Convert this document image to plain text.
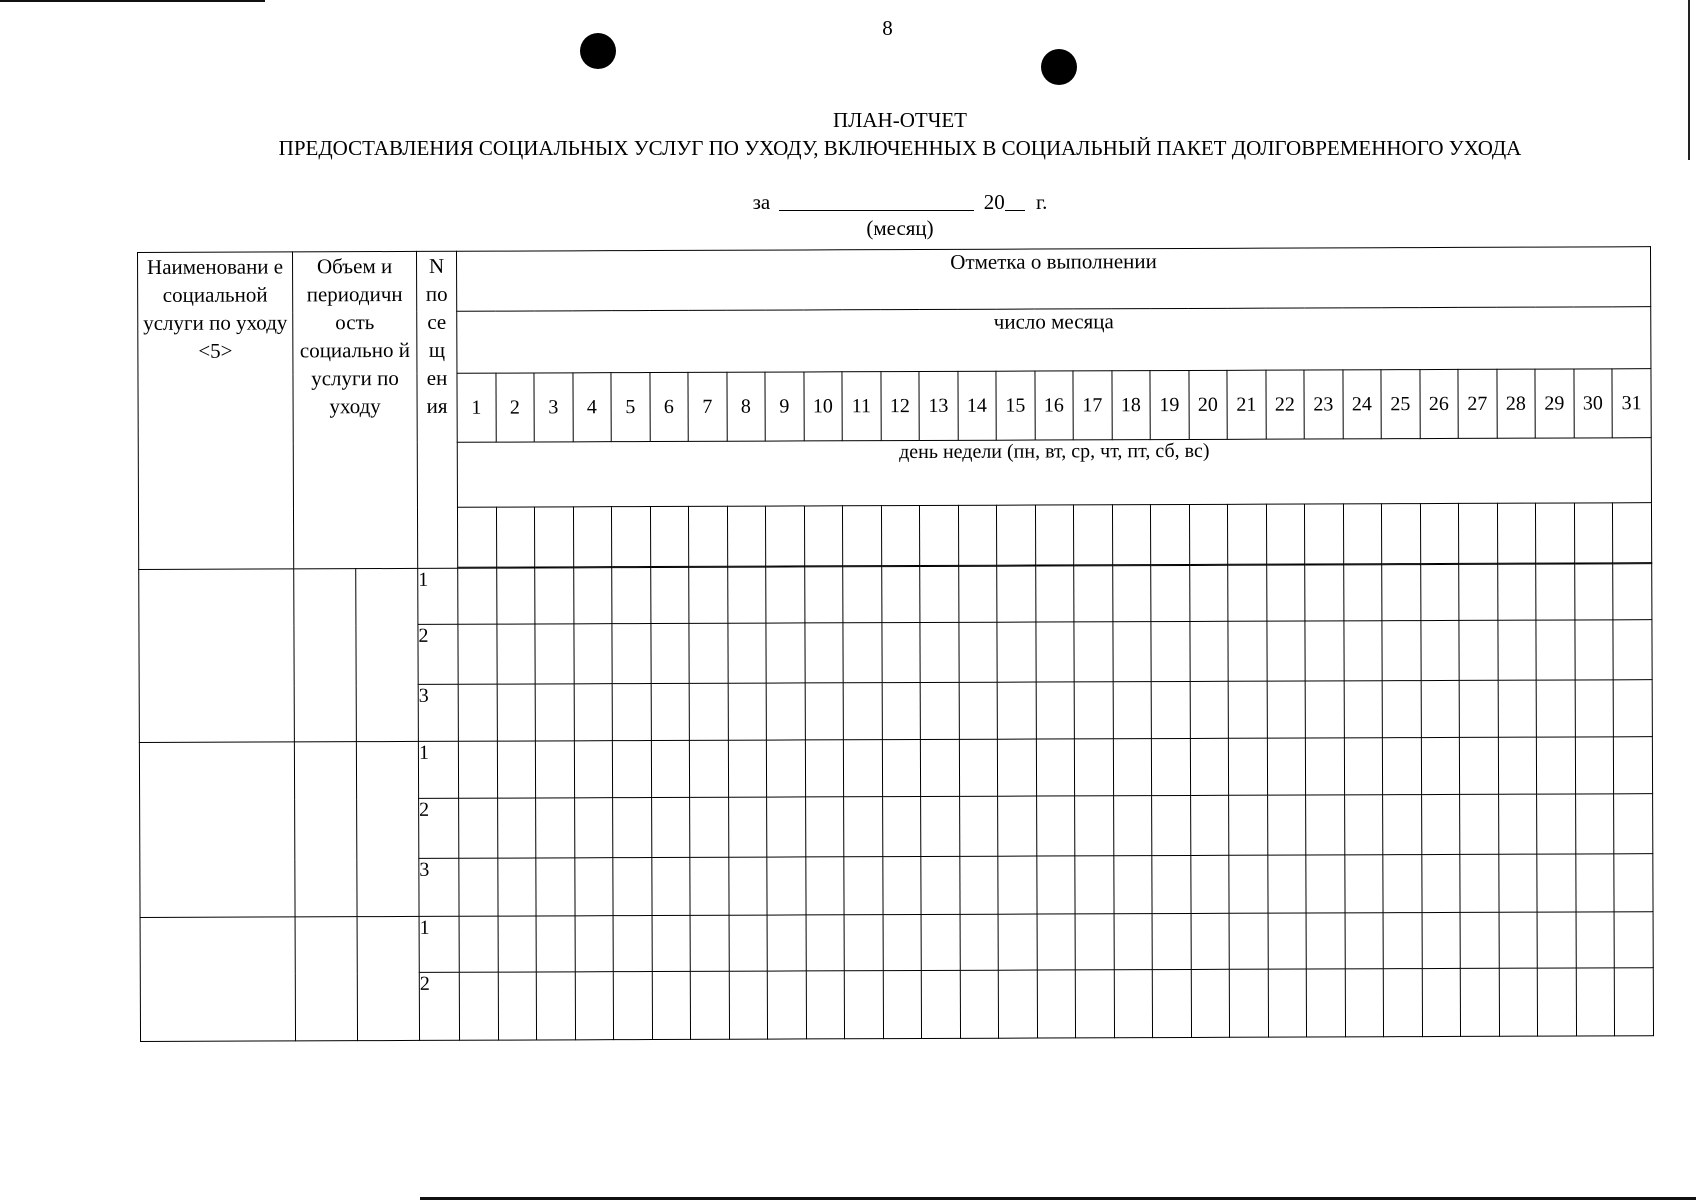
8
ПЛАН-ОТЧЕТ
ПРЕДОСТАВЛЕНИЯ СОЦИАЛЬНЫХ УСЛУГ ПО УХОДУ, ВКЛЮЧЕННЫХ В СОЦИАЛЬНЫЙ ПАКЕТ ДОЛГОВРЕМЕННОГО УХОДА
за	20 г.
(месяц)
Наименовани е социальной услуги по уходу <5>	Объем и периодичн ость социально й услуги по уходу		N по се щ ен ия	Отметка о выполнении																														
				число месяца																														
				1	2	3	4	5	6	7	8	9	10	11	12	13	14	15	16	17	18	19	20	21	22	23	24	25	26	27	28	29	30	31
				день недели (пн, вт, ср, чт, пт, сб, вс)																														

			1																															
			2																															
			3																															
			1																															
			2																															
			3																															
			1																															
			2																															
